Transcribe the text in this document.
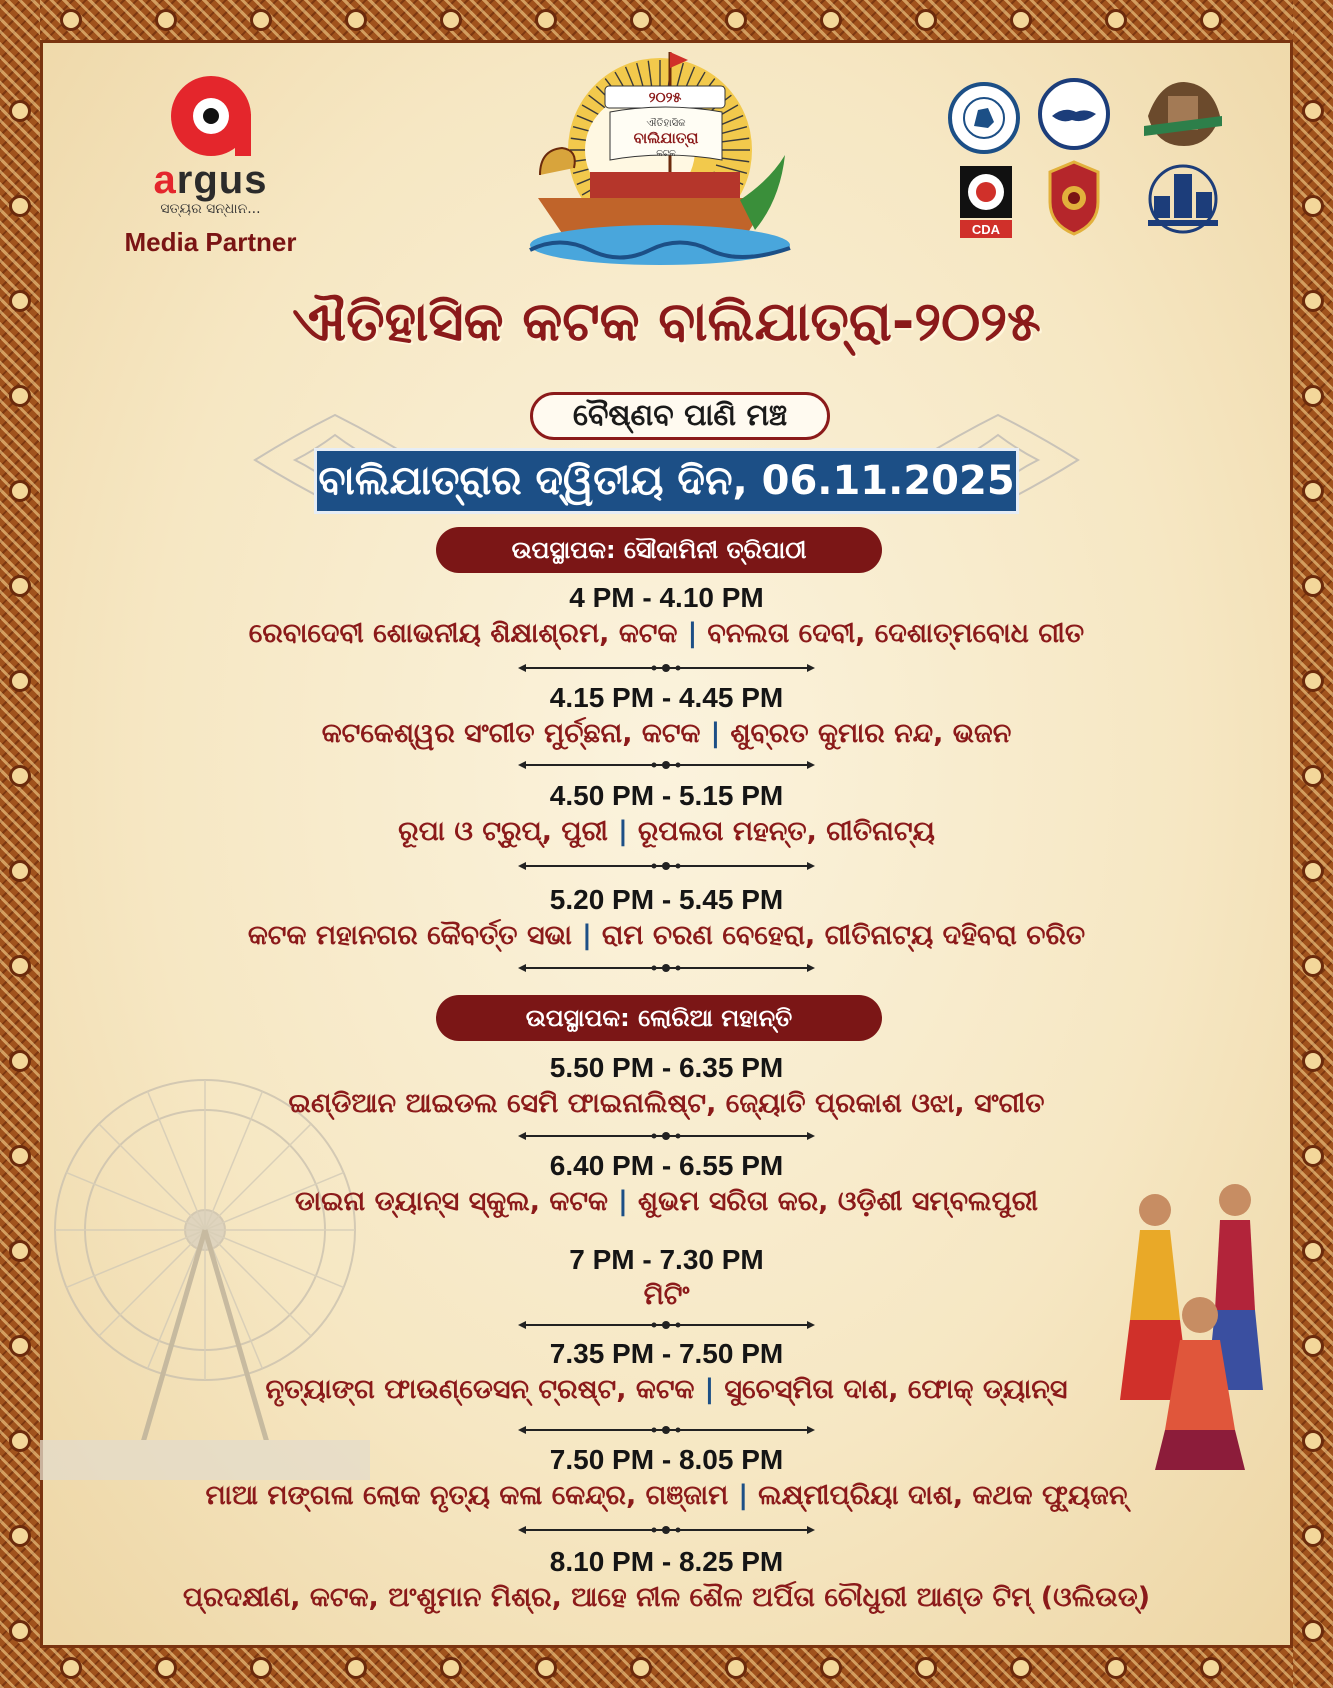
argus
ସତ୍ୟର ସନ୍ଧାନ...
Media Partner
୨୦୨୫
ଐତିହାସିକ
ବାଲିଯାତ୍ରା
କଟକ
CDA
ଐତିହାସିକ କଟକ ବାଲିଯାତ୍ରା-୨୦୨୫
ବୈଷ୍ଣବ ପାଣି ମଞ୍ଚ
ବାଲିଯାତ୍ରାର ଦ୍ୱିତୀୟ ଦିନ, 06.11.2025
ଉପସ୍ଥାପକ: ସୌଦାମିନୀ ତ୍ରିପାଠୀ
ଉପସ୍ଥାପକ: ଲୋରିଆ ମହାନ୍ତି
4 PM - 4.10 PM
ରେବାଦେବୀ ଶୋଭନୀୟ ଶିକ୍ଷାଶ୍ରମ, କଟକ | ବନଲତା ଦେବୀ, ଦେଶାତ୍ମବୋଧ ଗୀତ
4.15 PM - 4.45 PM
କଟକେଶ୍ୱର ସଂଗୀତ ମୁର୍ଚ୍ଛନା, କଟକ | ଶୁବ୍ରତ କୁମାର ନନ୍ଦ, ଭଜନ
4.50 PM - 5.15 PM
ରୂପା ଓ ଟ୍ରୁପ୍, ପୁରୀ | ରୂପଲତା ମହନ୍ତ, ଗୀତିନାଟ୍ୟ
5.20 PM - 5.45 PM
କଟକ ମହାନଗର କୈବର୍ତ୍ତ ସଭା | ରାମ ଚରଣ ବେହେରା, ଗୀତିନାଟ୍ୟ ଦହିବରା ଚରିତ
5.50 PM - 6.35 PM
ଇଣ୍ଡିଆନ ଆଇଡଲ ସେମି ଫାଇନାଲିଷ୍ଟ, ଜ୍ୟୋତି ପ୍ରକାଶ ଓଝା, ସଂଗୀତ
6.40 PM - 6.55 PM
ଡାଇନା ଡ୍ୟାନ୍ସ ସ୍କୁଲ, କଟକ | ଶୁଭମ ସରିତା କର, ଓଡ଼ିଶୀ ସମ୍ବଲପୁରୀ
7 PM - 7.30 PM
ମିଟିଂ
7.35 PM - 7.50 PM
ନୃତ୍ୟାଙ୍ଗ ଫାଉଣ୍ଡେସନ୍ ଟ୍ରଷ୍ଟ, କଟକ | ସୁଚେସ୍ମିତା ଦାଶ, ଫୋକ୍ ଡ୍ୟାନ୍ସ
7.50 PM - 8.05 PM
ମାଆ ମଙ୍ଗଳା ଲୋକ ନୃତ୍ୟ କଳା କେନ୍ଦ୍ର, ଗଞ୍ଜାମ | ଲକ୍ଷ୍ମୀପ୍ରିୟା ଦାଶ, କଥକ ଫ୍ୟୁଜନ୍
8.10 PM - 8.25 PM
ପ୍ରଦକ୍ଷୀଣ, କଟକ, ଅଂଶୁମାନ ମିଶ୍ର, ଆହେ ନୀଳ ଶୈଳ ଅର୍ପିତା ଚୌଧୁରୀ ଆଣ୍ଡ ଟିମ୍ (ଓଲିଉଡ୍)
